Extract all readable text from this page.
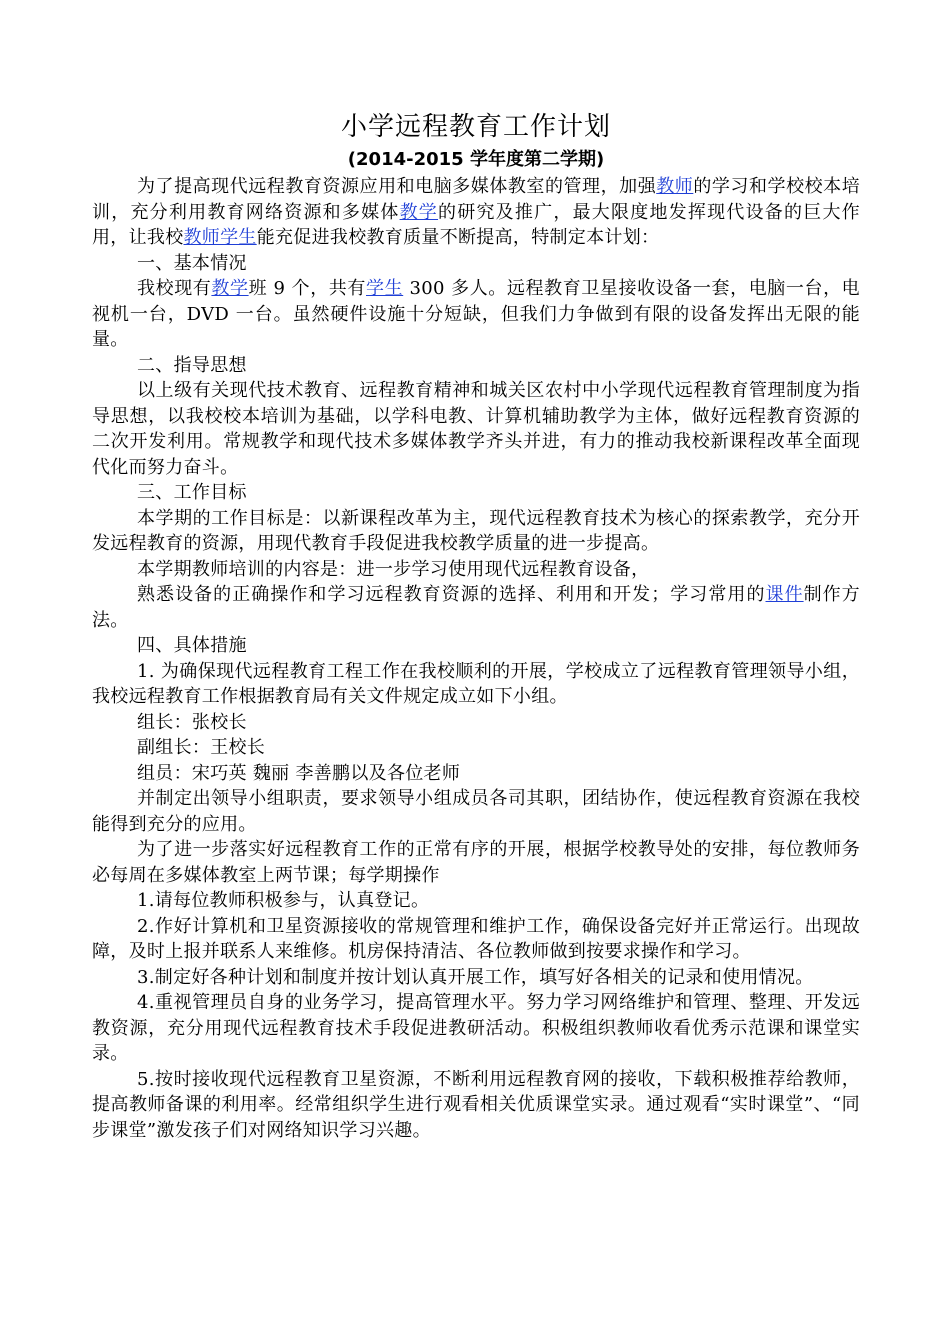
小学远程教育工作计划

(2014-2015 学年度第二学期)

为了提高现代远程教育资源应用和电脑多媒体教室的管理，加强教师的学习和学校校本培训，充分利用教育网络资源和多媒体教学的研究及推广，最大限度地发挥现代设备的巨大作用，让我校教师学生能充促进我校教育质量不断提高，特制定本计划：

一、基本情况

我校现有教学班 9 个，共有学生 300 多人。远程教育卫星接收设备一套，电脑一台，电视机一台，DVD 一台。虽然硬件设施十分短缺，但我们力争做到有限的设备发挥出无限的能量。

二、指导思想

以上级有关现代技术教育、远程教育精神和城关区农村中小学现代远程教育管理制度为指导思想，以我校校本培训为基础，以学科电教、计算机辅助教学为主体，做好远程教育资源的二次开发利用。常规教学和现代技术多媒体教学齐头并进，有力的推动我校新课程改革全面现代化而努力奋斗。

三、工作目标

本学期的工作目标是：以新课程改革为主，现代远程教育技术为核心的探索教学，充分开发远程教育的资源，用现代教育手段促进我校教学质量的进一步提高。

本学期教师培训的内容是：进一步学习使用现代远程教育设备，

熟悉设备的正确操作和学习远程教育资源的选择、利用和开发；学习常用的课件制作方法。

四、具体措施

1. 为确保现代远程教育工程工作在我校顺利的开展，学校成立了远程教育管理领导小组，我校远程教育工作根据教育局有关文件规定成立如下小组。

组长：张校长

副组长：王校长

组员：宋巧英 魏丽 李善鹏以及各位老师

并制定出领导小组职责，要求领导小组成员各司其职，团结协作，使远程教育资源在我校能得到充分的应用。

为了进一步落实好远程教育工作的正常有序的开展，根据学校教导处的安排，每位教师务必每周在多媒体教室上两节课；每学期操作

1.请每位教师积极参与，认真登记。

2.作好计算机和卫星资源接收的常规管理和维护工作，确保设备完好并正常运行。出现故障，及时上报并联系人来维修。机房保持清洁、各位教师做到按要求操作和学习。

3.制定好各种计划和制度并按计划认真开展工作，填写好各相关的记录和使用情况。

4.重视管理员自身的业务学习，提高管理水平。努力学习网络维护和管理、整理、开发远教资源，充分用现代远程教育技术手段促进教研活动。积极组织教师收看优秀示范课和课堂实录。

5.按时接收现代远程教育卫星资源，不断利用远程教育网的接收，下载积极推荐给教师，提高教师备课的利用率。经常组织学生进行观看相关优质课堂实录。通过观看“实时课堂”、“同步课堂”激发孩子们对网络知识学习兴趣。
